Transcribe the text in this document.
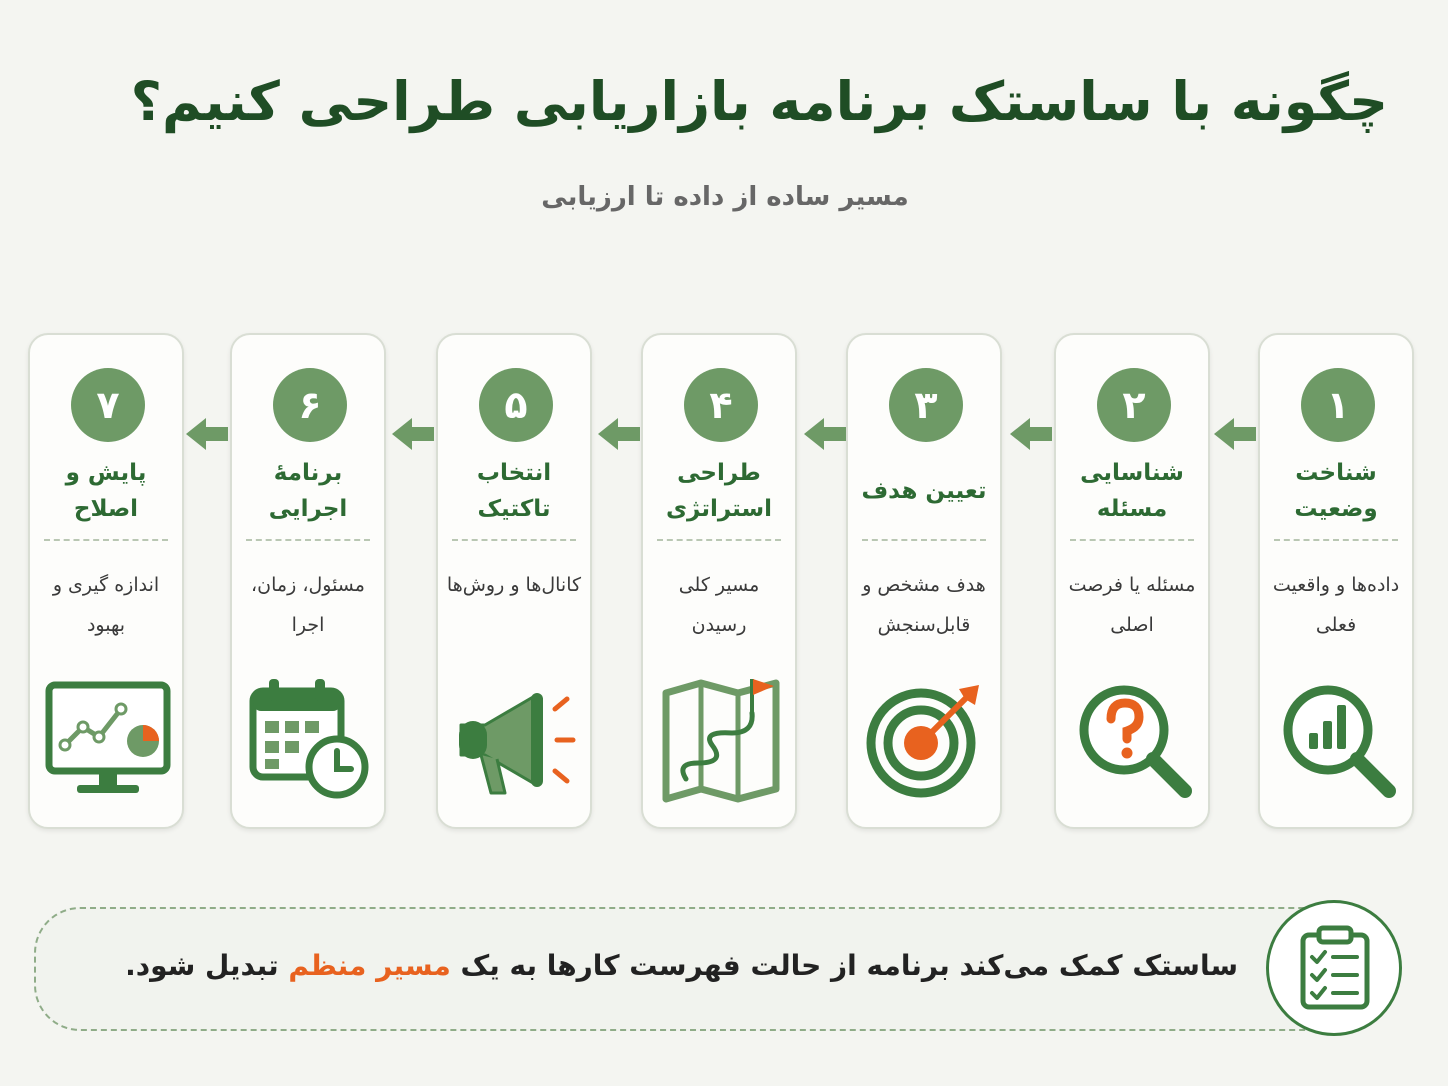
چگونه با ساستک برنامه بازاریابی طراحی کنیم؟

مسیر ساده از داده تا ارزیابی

۱
شناخت وضعیت
داده‌ها و واقعیت فعلی
۲
شناسایی مسئله
مسئله یا فرصت اصلی
۳
تعیین هدف
هدف مشخص و قابل‌سنجش
۴
طراحی استراتژی
مسیر کلی رسیدن
۵
انتخاب تاکتیک
کانال‌ها و روش‌ها
۶
برنامهٔ اجرایی
مسئول، زمان، اجرا
۷
پایش و اصلاح
اندازه گیری و بهبود
ساستک کمک می‌کند برنامه از حالت فهرست کارها به یک مسیر منظم تبدیل شود.
